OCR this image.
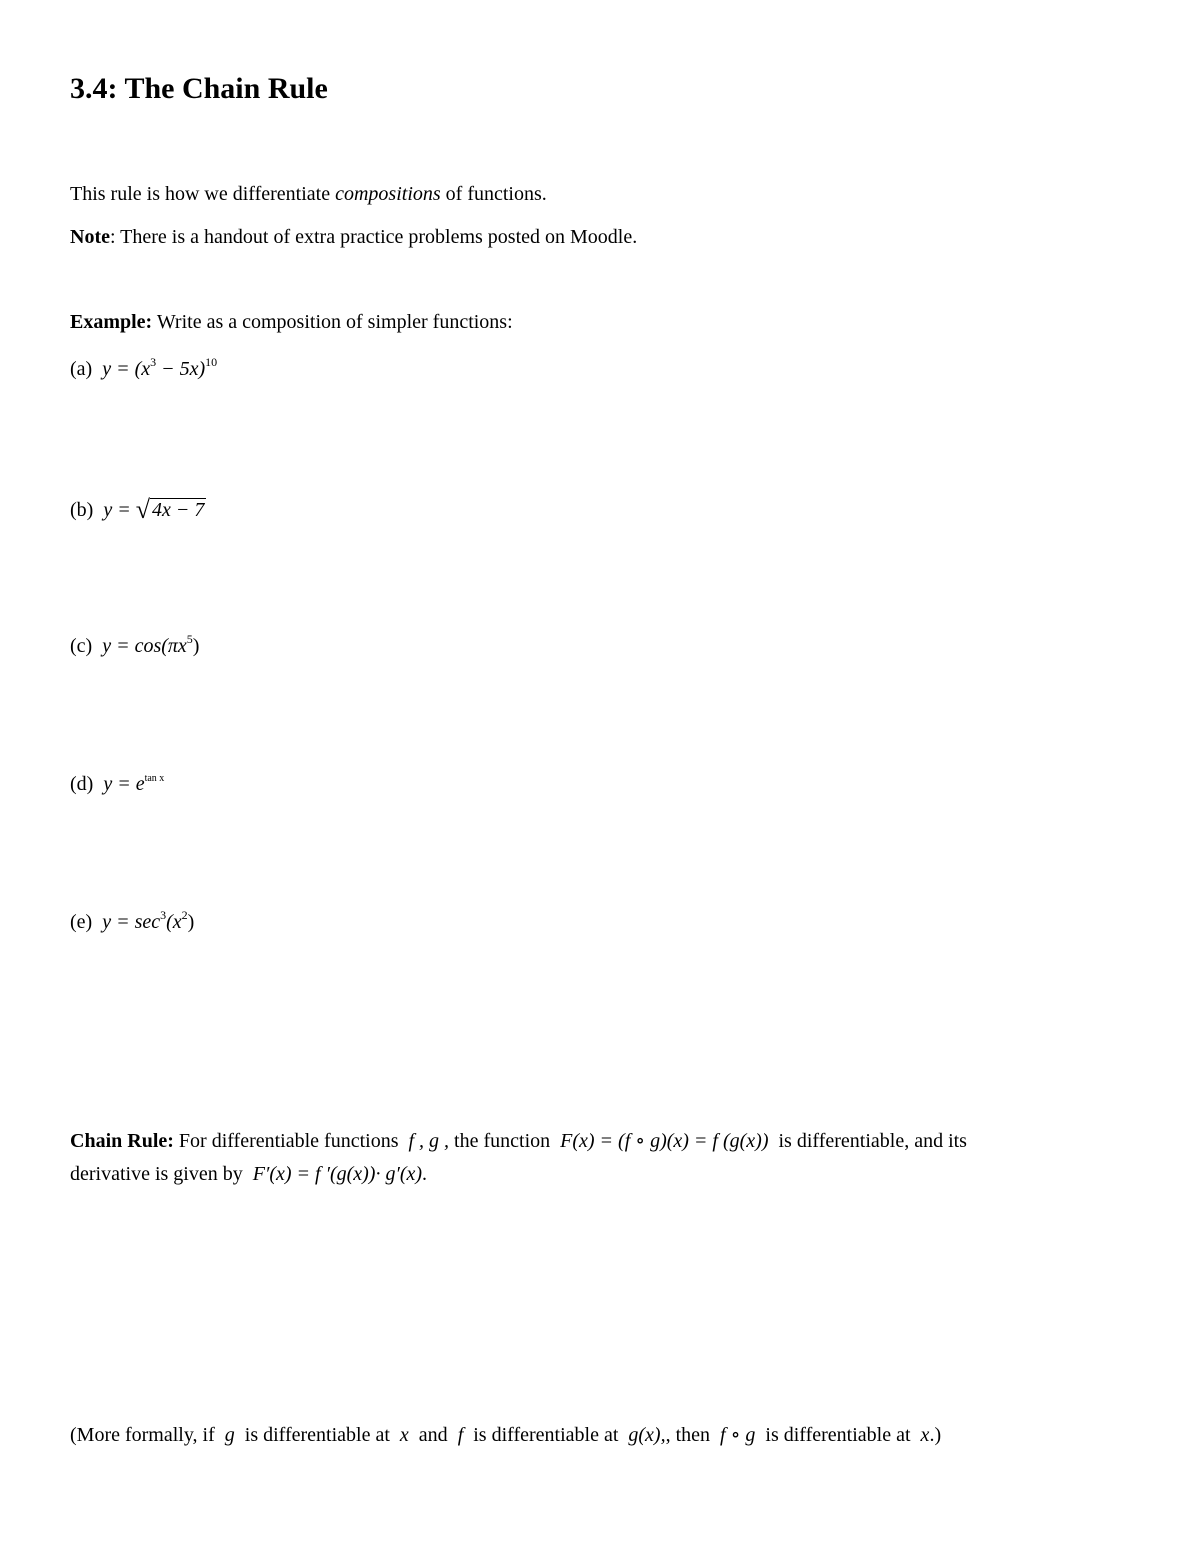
3.4: The Chain Rule
This rule is how we differentiate compositions of functions.
Note: There is a handout of extra practice problems posted on Moodle.
Example: Write as a composition of simpler functions:
(a) $y = (x^3 - 5x)^{10}$
(b) y = √ 4x − 7
(c) $y = \cos(\pi x^5)$
(d) $y = e^{tan x}$
(e) $y = \sec^3(x^2)$
Chain Rule: For differentiable functions  f , g , the function  F(x) = (f ∘ g)(x) = f (g(x))  is differentiable, and its
derivative is given by  F′(x) = f ′(g(x))· g′(x).
(More formally, if  g  is differentiable at  x  and  f  is differentiable at  g(x),, then  f ∘ g  is differentiable at  x.)
